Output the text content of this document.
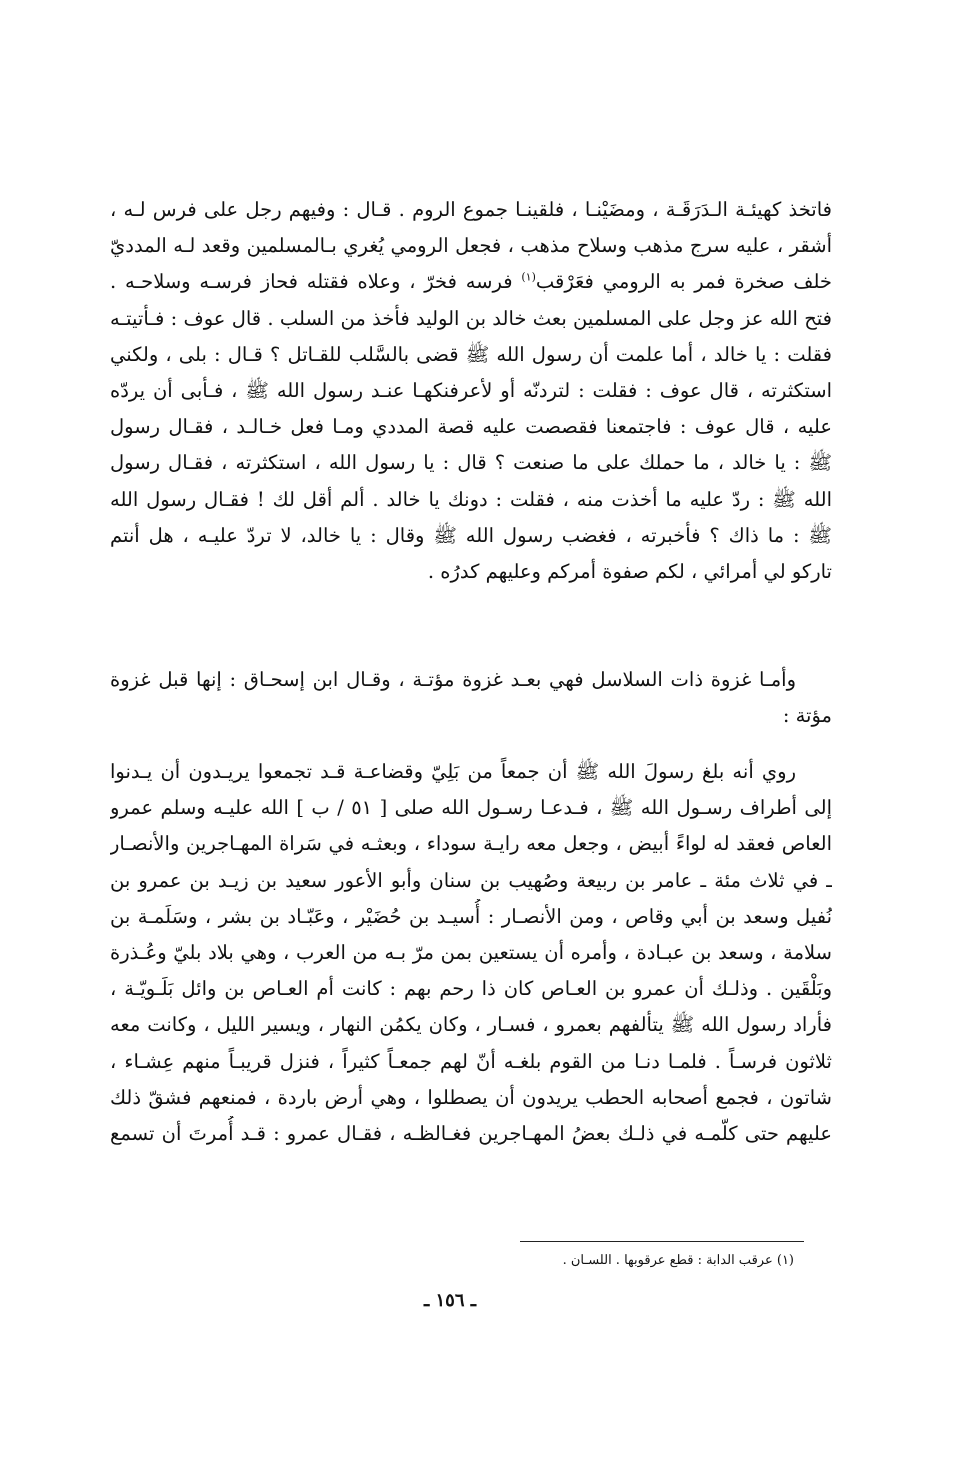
فاتخذ كهيئـة الـدَرَقَـة ، ومضَيْنـا ، فلقينـا جموع الروم . قـال : وفيهم رجل على فرس لـه ،
أشقر ، عليه سرج مذهب وسلاح مذهب ، فجعل الرومي يُغري بـالمسلمين وقعد لـه المدديّ
خلف صخرة فمر به الرومي فعَرْقب$^{(١)}$ فرسه فخرّ ، وعلاه فقتله فحاز فرسـه وسلاحـه .
فتح الله عز وجل على المسلمين بعث خالد بن الوليد فأخذ من السلب . قال عوف : فـأتيتـه
فقلت : يا خالد ، أما علمت أن رسول الله ﷺ قضى بالسَّلب للقـاتل ؟ قـال : بلى ، ولكني
استكثرته ، قال عوف : فقلت : لتردنّه أو لأعرفنكهـا عنـد رسول الله ﷺ ، فـأبى أن يردّه
عليه ، قال عوف : فاجتمعنا فقصصت عليه قصة المددي ومـا فعل خـالـد ، فقـال رسول
ﷺ : يا خالد ، ما حملك على ما صنعت ؟ قال : يا رسول الله ، استكثرته ، فقـال رسول
الله ﷺ : ردّ عليه ما أخذت منه ، فقلت : دونك يا خالد . ألم أقل لك ! فقـال رسول الله
ﷺ : ما ذاك ؟ فأخبرته ، فغضب رسول الله ﷺ وقال : يا خالد، لا تردّ عليـه ، هل أنتم
تاركو لي أمرائي ، لكم صفوة أمركم وعليهم كدرُه .
وأمـا غزوة ذات السلاسل فهي بعـد غزوة مؤتـة ، وقـال ابن إسحـاق : إنها قبل غزوة
مؤتة :
روي أنه بلغ رسولَ الله ﷺ أن جمعاً من بَلِيّ وقضاعـة قـد تجمعوا يريـدون أن يـدنوا
إلى أطراف رسـول الله ﷺ ، فـدعـا رسـول الله صلى [ ٥١ / ب ] الله عليـه وسلم عمرو
العاص فعقد له لواءً أبيض ، وجعل معه رايـة سوداء ، وبعثـه في سَراة المهـاجرين والأنصـار
ـ في ثلاث مئة ـ عامر بن ربيعة وصُهيب بن سنان وأبو الأعور سعيد بن زيـد بن عمرو بن
نُفيل وسعد بن أبي وقاص ، ومن الأنصـار : أُسيـد بن حُضَيْر ، وعَبّـاد بن بشر ، وسَلَمـة بن
سلامة ، وسعد بن عبـادة ، وأمره أن يستعين بمن مرّ بـه من العرب ، وهي بلاد بليّ وعُـذرة
وبَلْقَين . وذلـك أن عمرو بن العـاص كان ذا رحم بهم : كانت أم العـاص بن وائل بَلَـويّـة ،
فأراد رسول الله ﷺ يتألفهم بعمرو ، فسـار ، وكان يكمُن النهار ، ويسير الليل ، وكانت معه
ثلاثون فرسـاً . فلمـا دنـا من القوم بلغـه أنّ لهم جمعـاً كثيراً ، فنزل قريبـاً منهم عِشـاء ،
شاتون ، فجمع أصحابه الحطب يريدون أن يصطلوا ، وهي أرض باردة ، فمنعهم فشقّ ذلك
عليهم حتى كلّمـه في ذلـك بعضُ المهـاجرين فغـالظـه ، فقـال عمرو : قـد أُمرتَ أن تسمع
(١) عرقب الدابة : قطع عرقوبها . اللسـان .
ـ ١٥٦ ـ
